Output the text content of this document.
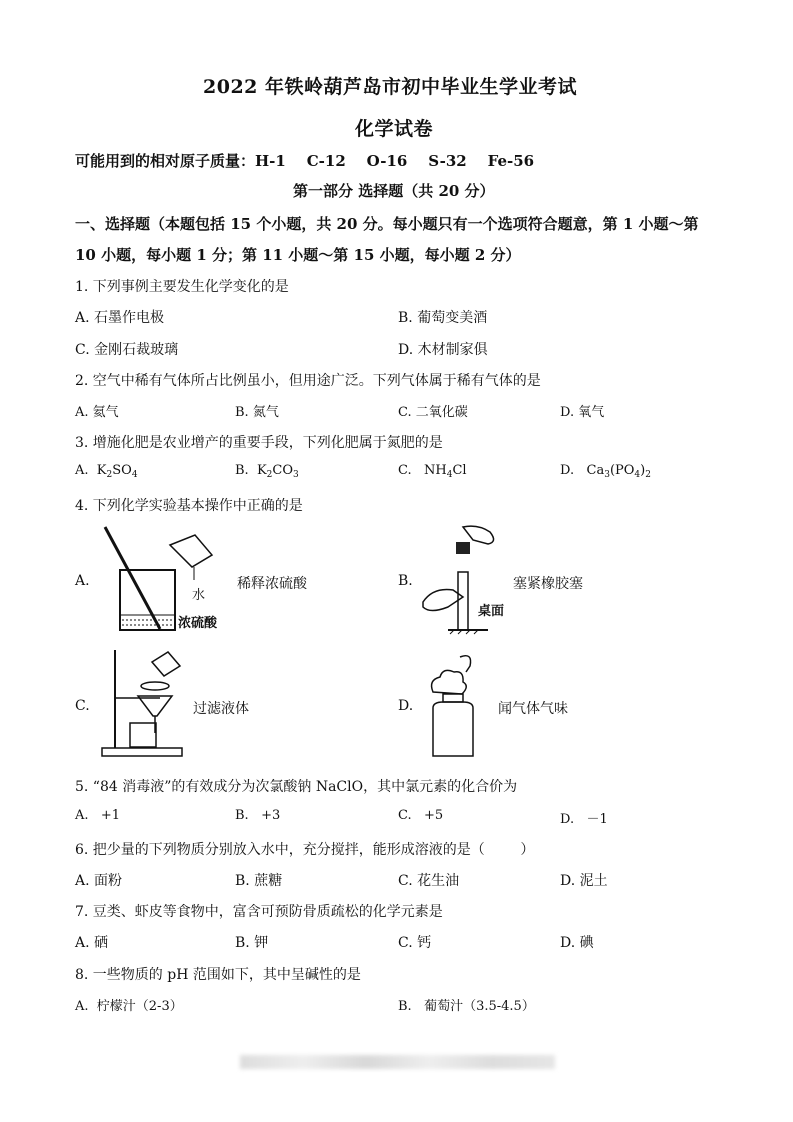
2022 年铁岭葫芦岛市初中毕业生学业考试
化学试卷
可能用到的相对原子质量：H-1    C-12    O-16    S-32    Fe-56
第一部分 选择题（共 20 分）
一、选择题（本题包括 15 个小题，共 20 分。每小题只有一个选项符合题意，第 1 小题～第
10 小题，每小题 1 分；第 11 小题～第 15 小题，每小题 2 分）
1. 下列事例主要发生化学变化的是
A. 石墨作电极	B. 葡萄变美酒
C. 金刚石裁玻璃	D. 木材制家俱
2. 空气中稀有气体所占比例虽小，但用途广泛。下列气体属于稀有气体的是
A. 氦气	B. 氮气	C. 二氧化碳	D. 氧气
3. 增施化肥是农业增产的重要手段，下列化肥属于氮肥的是
A.  $K_2SO_4$	B.  $K_2CO_3$	C.   $NH_4Cl$	D.   $Ca_3(PO_4)_2$
4. 下列化学实验基本操作中正确的是
A.
水
浓硫酸
稀释浓硫酸	B.
桌面
塞紧橡胶塞
C.	过滤液体	D.	闻气体气味
5. “84 消毒液”的有效成分为次氯酸钠 NaClO，其中氯元素的化合价为
A.   +1	B.   +3	C.   +5	D.   －1
6. 把少量的下列物质分别放入水中，充分搅拌，能形成溶液的是（        ）
A. 面粉	B. 蔗糖	C. 花生油	D. 泥土
7. 豆类、虾皮等食物中，富含可预防骨质疏松的化学元素是
A. 硒	B. 钾	C. 钙	D. 碘
8. 一些物质的 pH 范围如下，其中呈碱性的是
A.  柠檬汁（2-3）	B.   葡萄汁（3.5-4.5）
